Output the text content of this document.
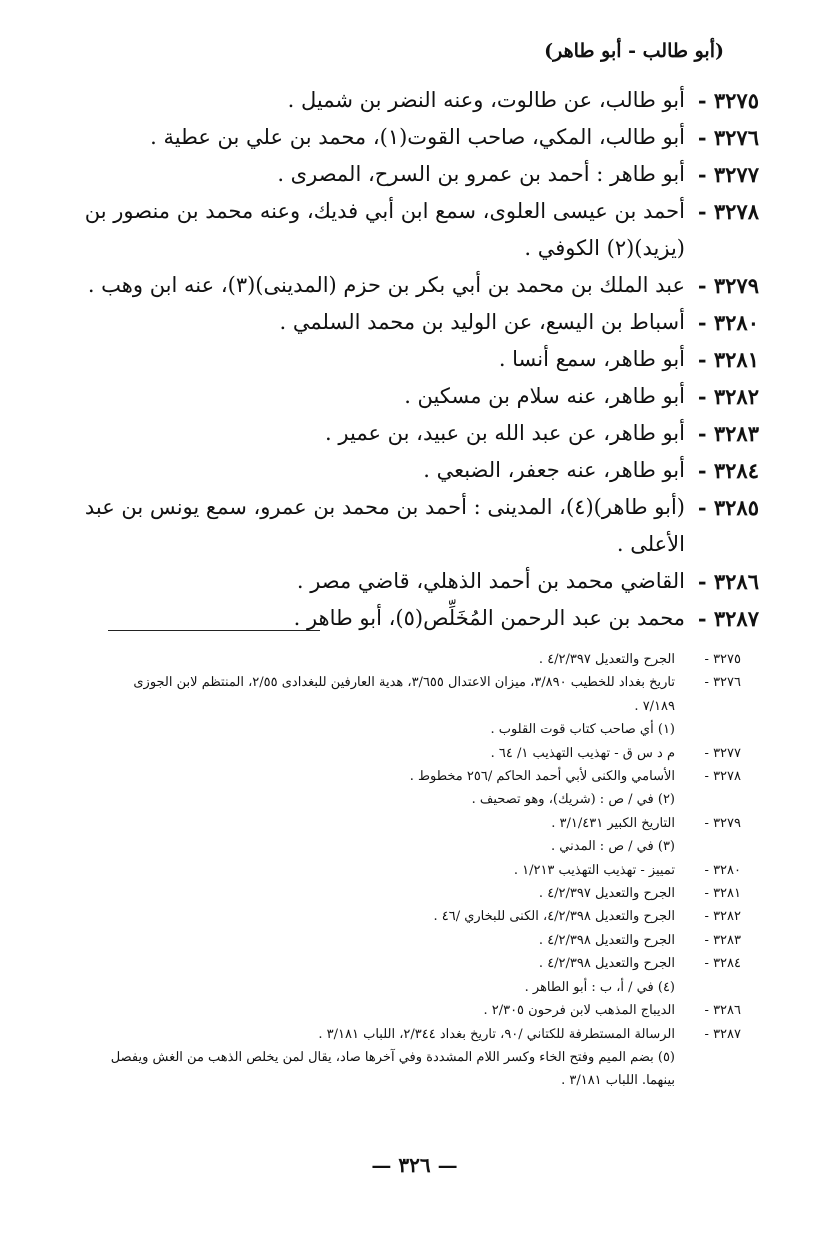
(أبو طالب - أبو طاهر)
٣٢٧٥ -
أبو طالب، عن طالوت، وعنه النضر بن شميل .
٣٢٧٦ -
أبو طالب، المكي، صاحب القوت(١)، محمد بن علي بن عطية .
٣٢٧٧ -
أبو طاهر : أحمد بن عمرو بن السرح، المصرى .
٣٢٧٨ -
أحمد بن عيسى العلوى، سمع ابن أبي فديك، وعنه محمد بن منصور بن (يزيد)(٢) الكوفي .
٣٢٧٩ -
عبد الملك بن محمد بن أبي بكر بن حزم (المدينى)(٣)، عنه ابن وهب .
٣٢٨٠ -
أسباط بن اليسع، عن الوليد بن محمد السلمي .
٣٢٨١ -
أبو طاهر، سمع أنسا .
٣٢٨٢ -
أبو طاهر، عنه سلام بن مسكين .
٣٢٨٣ -
أبو طاهر، عن عبد الله بن عبيد، بن عمير .
٣٢٨٤ -
أبو طاهر، عنه جعفر، الضبعي .
٣٢٨٥ -
(أبو طاهر)(٤)، المدينى : أحمد بن محمد بن عمرو، سمع يونس بن عبد الأعلى .
٣٢٨٦ -
القاضي محمد بن أحمد الذهلي، قاضي مصر .
٣٢٨٧ -
محمد بن عبد الرحمن المُخَلِّص(٥)، أبو طاهر .
٣٢٧٥ -
الجرح والتعديل ٤/٢/٣٩٧ .
٣٢٧٦ -
تاريخ بغداد للخطيب ٣/٨٩٠، ميزان الاعتدال ٣/٦٥٥، هدية العارفين للبغدادى ٢/٥٥، المنتظم لابن الجوزى ٧/١٨٩ .
(١) أي صاحب كتاب قوت القلوب .
٣٢٧٧ -
م د س ق - تهذيب التهذيب ١/ ٦٤ .
٣٢٧٨ -
الأسامي والكنى لأبي أحمد الحاكم /٢٥٦ مخطوط .
(٢) في / ص : (شريك)، وهو تصحيف .
٣٢٧٩ -
التاريخ الكبير ٣/١/٤٣١ .
(٣) في / ص : المدني .
٣٢٨٠ -
تمييز - تهذيب التهذيب ١/٢١٣ .
٣٢٨١ -
الجرح والتعديل ٤/٢/٣٩٧ .
٣٢٨٢ -
الجرح والتعديل ٤/٢/٣٩٨، الكنى للبخاري /٤٦ .
٣٢٨٣ -
الجرح والتعديل ٤/٢/٣٩٨ .
٣٢٨٤ -
الجرح والتعديل ٤/٢/٣٩٨ .
(٤) في / أ، ب : أبو الطاهر .
٣٢٨٦ -
الديباج المذهب لابن فرحون ٢/٣٠٥ .
٣٢٨٧ -
الرسالة المستطرفة للكتاني /٩٠، تاريخ بغداد ٢/٣٤٤، اللباب ٣/١٨١ .
(٥) بضم الميم وفتح الخاء وكسر اللام المشددة وفي آخرها صاد، يقال لمن يخلص الذهب من الغش ويفصل بينهما. اللباب ٣/١٨١ .
— ٣٢٦ —
